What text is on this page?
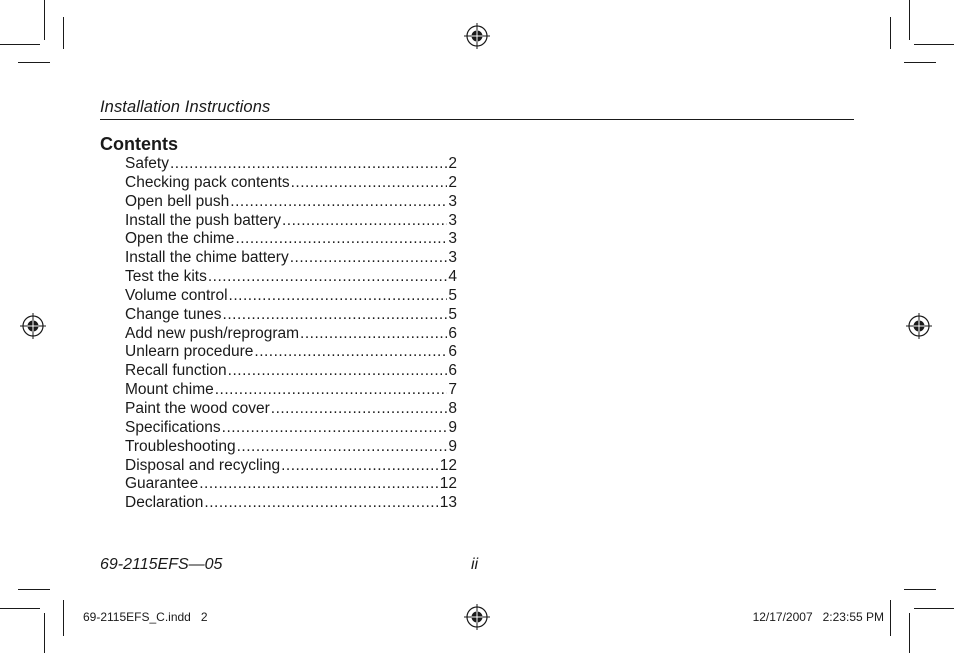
Installation Instructions
Contents
Safety .....	2
Checking pack contents .....	2
Open bell push .....	3
Install the push battery .....	3
Open the chime .....	3
Install the chime battery .....	3
Test the kits .....	4
Volume control .....	5
Change tunes .....	5
Add new push/reprogram .....	6
Unlearn procedure .....	6
Recall function .....	6
Mount chime .....	7
Paint the wood cover .....	8
Specifications .....	9
Troubleshooting .....	9
Disposal and recycling .....	12
Guarantee .....	12
Declaration .....	13
69-2115EFS—05	ii
69-2115EFS_C.indd   2	12/17/2007   2:23:55 PM
